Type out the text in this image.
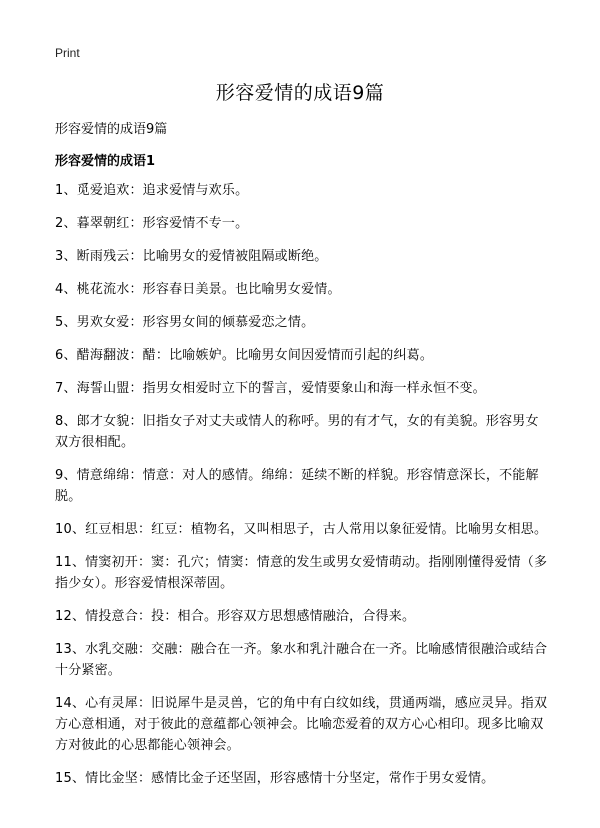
Print

形容爱情的成语9篇

形容爱情的成语9篇

形容爱情的成语1
1、觅爱追欢：追求爱情与欢乐。
2、暮翠朝红：形容爱情不专一。
3、断雨残云：比喻男女的爱情被阻隔或断绝。
4、桃花流水：形容春日美景。也比喻男女爱情。
5、男欢女爱：形容男女间的倾慕爱恋之情。
6、醋海翻波：醋：比喻嫉妒。比喻男女间因爱情而引起的纠葛。
7、海誓山盟：指男女相爱时立下的誓言，爱情要象山和海一样永恒不变。
8、郎才女貌：旧指女子对丈夫或情人的称呼。男的有才气，女的有美貌。形容男女双方很相配。
9、情意绵绵：情意：对人的感情。绵绵：延续不断的样貌。形容情意深长，不能解脱。
10、红豆相思：红豆：植物名，又叫相思子，古人常用以象征爱情。比喻男女相思。
11、情窦初开：窦：孔穴；情窦：情意的发生或男女爱情萌动。指刚刚懂得爱情（多指少女）。形容爱情根深蒂固。
12、情投意合：投：相合。形容双方思想感情融洽，合得来。
13、水乳交融：交融：融合在一齐。象水和乳汁融合在一齐。比喻感情很融洽或结合十分紧密。
14、心有灵犀：旧说犀牛是灵兽，它的角中有白纹如线，贯通两端，感应灵异。指双方心意相通，对于彼此的意蕴都心领神会。比喻恋爱着的双方心心相印。现多比喻双方对彼此的心思都能心领神会。
15、情比金坚：感情比金子还坚固，形容感情十分坚定，常作于男女爱情。
